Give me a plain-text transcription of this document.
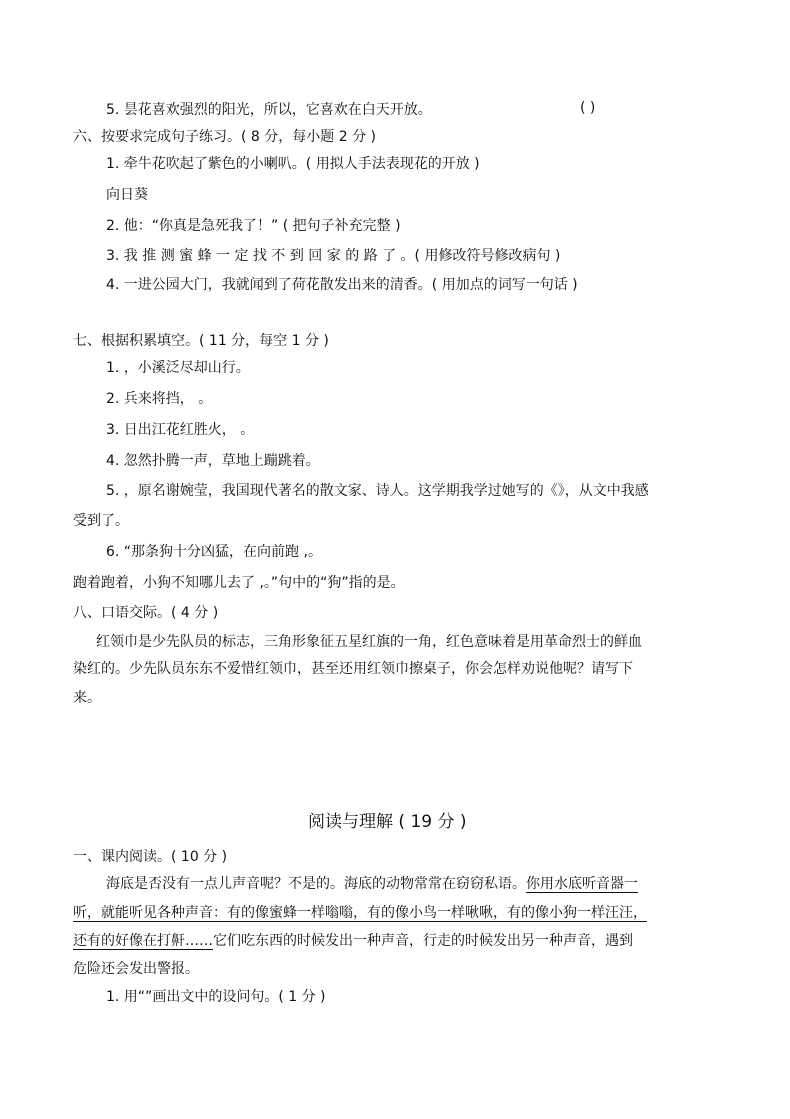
5. 昙花喜欢强烈的阳光，所以，它喜欢在白天开放。	( )
六、按要求完成句子练习。( 8 分，每小题 2 分 )
1. 牵牛花吹起了紫色的小喇叭。( 用拟人手法表现花的开放 )
向日葵
2. 他：“你真是急死我了！” ( 把句子补充完整 )
3. 我 推 测 蜜 蜂 一 定 找 不 到 回 家 的 路 了 。( 用修改符号修改病句 )
4. 一进公园大门，我就闻到了荷花散发出来的清香。( 用加点的词写一句话 )
七、根据积累填空。( 11 分，每空 1 分 )
1. ，小溪泛尽却山行。
2. 兵来将挡， 。
3. 日出江花红胜火， 。
4. 忽然扑腾一声，草地上蹦跳着。
5. ，原名谢婉莹，我国现代著名的散文家、诗人。这学期我学过她写的《》，从文中我感
受到了。
6. “那条狗十分凶猛，在向前跑 ,。
跑着跑着，小狗不知哪儿去了 ,。”句中的“狗”指的是。
八、口语交际。( 4 分 )
红领巾是少先队员的标志，三角形象征五星红旗的一角，红色意味着是用革命烈士的鲜血
染红的。少先队员东东不爱惜红领巾，甚至还用红领巾擦桌子，你会怎样劝说他呢？请写下
来。
阅读与理解 ( 19 分 )
一、课内阅读。( 10 分 )
海底是否没有一点儿声音呢？不是的。海底的动物常常在窃窃私语。你用水底听音器一
听，就能听见各种声音：有的像蜜蜂一样嗡嗡，有的像小鸟一样啾啾，有的像小狗一样汪汪，
还有的好像在打鼾……它们吃东西的时候发出一种声音，行走的时候发出另一种声音，遇到
危险还会发出警报。
1. 用“”画出文中的设问句。( 1 分 )
